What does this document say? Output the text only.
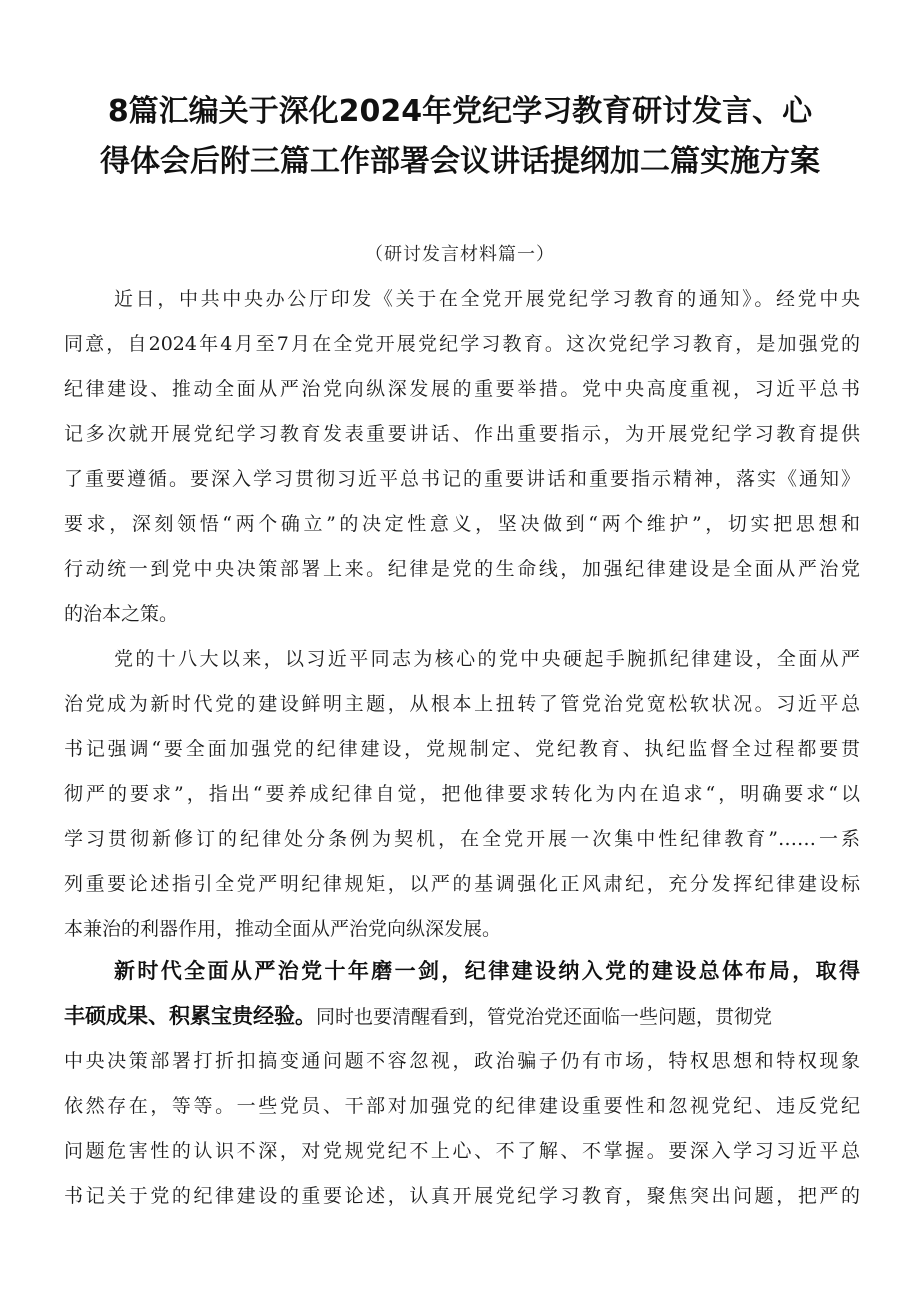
8篇汇编关于深化2024年党纪学习教育研讨发言、心
得体会后附三篇工作部署会议讲话提纲加二篇实施方案
（研讨发言材料篇一）
近日，中共中央办公厅印发《关于在全党开展党纪学习教育的通知》。经党中央
同意，自2024年4月至7月在全党开展党纪学习教育。这次党纪学习教育，是加强党的
纪律建设、推动全面从严治党向纵深发展的重要举措。党中央高度重视，习近平总书
记多次就开展党纪学习教育发表重要讲话、作出重要指示，为开展党纪学习教育提供
了重要遵循。要深入学习贯彻习近平总书记的重要讲话和重要指示精神，落实《通知》
要求，深刻领悟“两个确立”的决定性意义，坚决做到“两个维护”，切实把思想和
行动统一到党中央决策部署上来。纪律是党的生命线，加强纪律建设是全面从严治党
的治本之策。
党的十八大以来，以习近平同志为核心的党中央硬起手腕抓纪律建设，全面从严
治党成为新时代党的建设鲜明主题，从根本上扭转了管党治党宽松软状况。习近平总
书记强调“要全面加强党的纪律建设，党规制定、党纪教育、执纪监督全过程都要贯
彻严的要求”，指出“要养成纪律自觉，把他律要求转化为内在追求“，明确要求“以
学习贯彻新修订的纪律处分条例为契机，在全党开展一次集中性纪律教育”……一系
列重要论述指引全党严明纪律规矩，以严的基调强化正风肃纪，充分发挥纪律建设标
本兼治的利器作用，推动全面从严治党向纵深发展。
新时代全面从严治党十年磨一剑，纪律建设纳入党的建设总体布局，取得
丰硕成果、积累宝贵经验。同时也要清醒看到，管党治党还面临一些问题，贯彻党
中央决策部署打折扣搞变通问题不容忽视，政治骗子仍有市场，特权思想和特权现象
依然存在，等等。一些党员、干部对加强党的纪律建设重要性和忽视党纪、违反党纪
问题危害性的认识不深，对党规党纪不上心、不了解、不掌握。要深入学习习近平总
书记关于党的纪律建设的重要论述，认真开展党纪学习教育，聚焦突出问题，把严的
